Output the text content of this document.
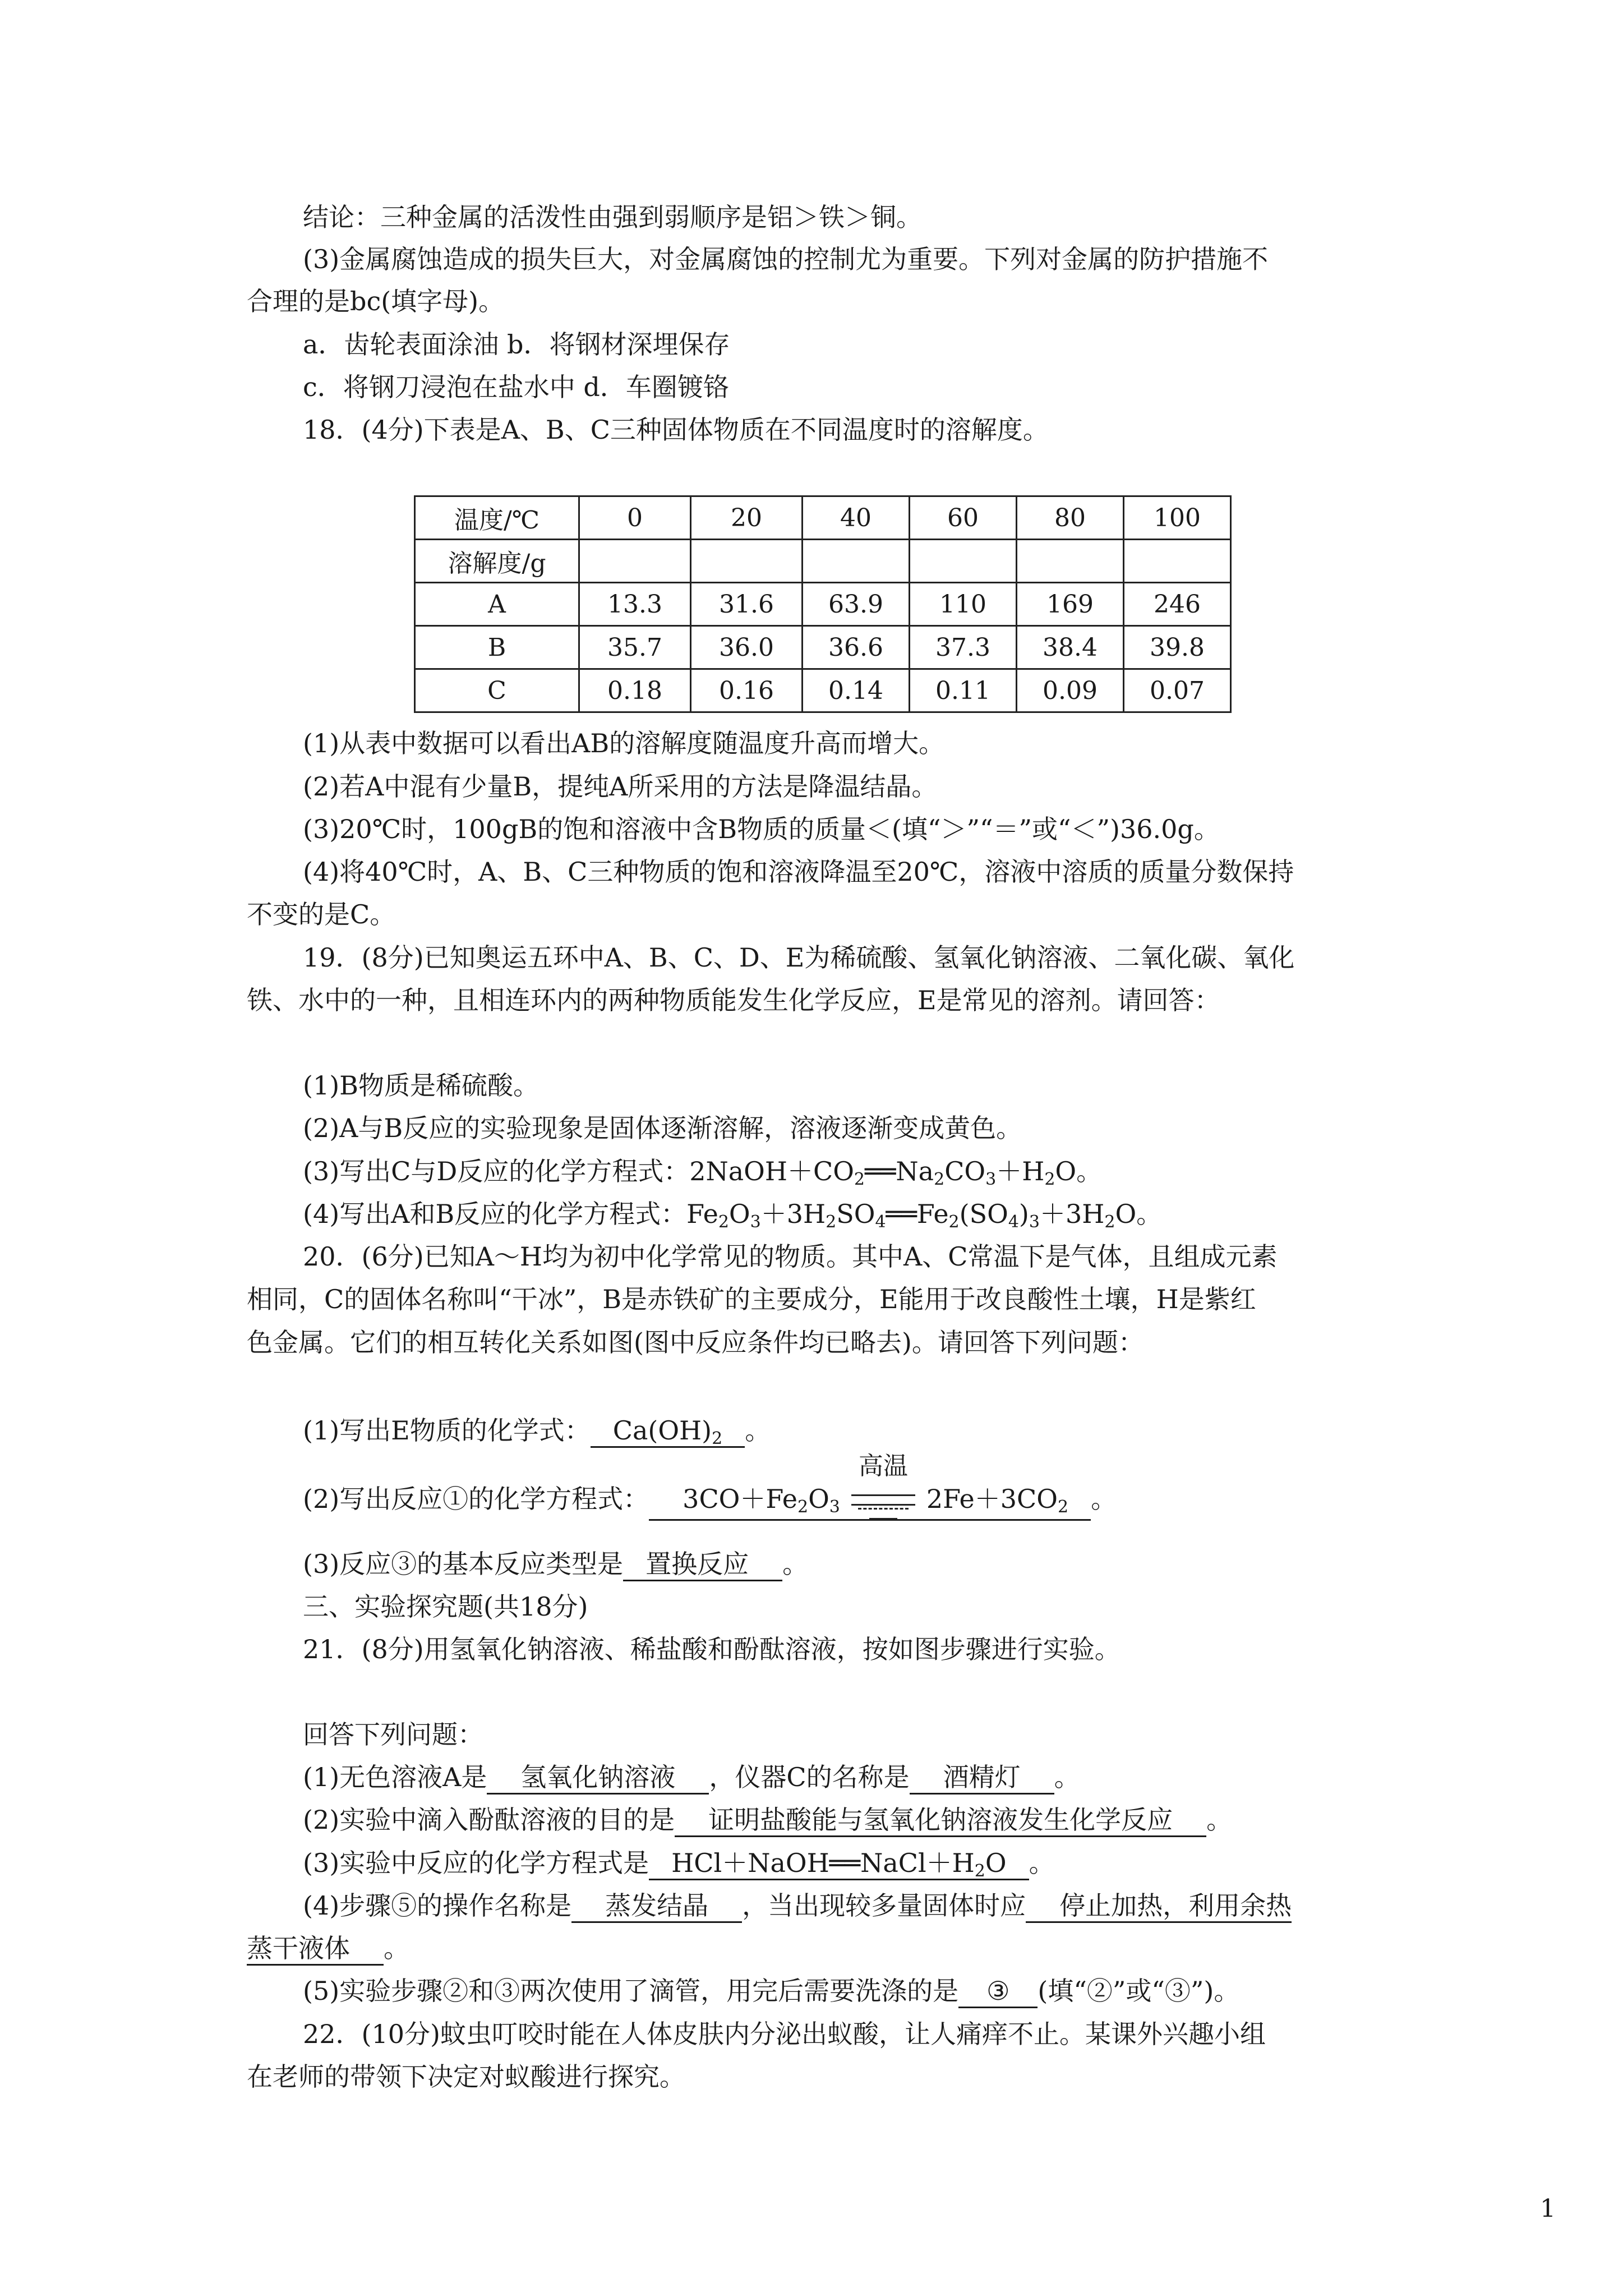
结论：三种金属的活泼性由强到弱顺序是铝＞铁＞铜。
(3)金属腐蚀造成的损失巨大，对金属腐蚀的控制尤为重要。下列对金属的防护措施不
合理的是bc(填字母)。
a．齿轮表面涂油 b．将钢材深埋保存
c．将钢刀浸泡在盐水中 d．车圈镀铬
18．(4分)下表是A、B、C三种固体物质在不同温度时的溶解度。
温度/℃	0	20	40	60	80	100
溶解度/g						
A	13.3	31.6	63.9	110	169	246
B	35.7	36.0	36.6	37.3	38.4	39.8
C	0.18	0.16	0.14	0.11	0.09	0.07
(1)从表中数据可以看出AB的溶解度随温度升高而增大。
(2)若A中混有少量B，提纯A所采用的方法是降温结晶。
(3)20℃时，100gB的饱和溶液中含B物质的质量＜(填“＞”“＝”或“＜”)36.0g。
(4)将40℃时，A、B、C三种物质的饱和溶液降温至20℃，溶液中溶质的质量分数保持
不变的是C。
19．(8分)已知奥运五环中A、B、C、D、E为稀硫酸、氢氧化钠溶液、二氧化碳、氧化
铁、水中的一种，且相连环内的两种物质能发生化学反应，E是常见的溶剂。请回答：
(1)B物质是稀硫酸。
(2)A与B反应的实验现象是固体逐渐溶解，溶液逐渐变成黄色。
(3)写出C与D反应的化学方程式：$2NaOH+CO_2══Na_2CO_3+H_2O$。
(4)写出A和B反应的化学方程式：$Fe_2O_3+3H_2SO_4══Fe_2(SO_4)_3+3H_2O$。
20．(6分)已知A～H均为初中化学常见的物质。其中A、C常温下是气体，且组成元素
相同，C的固体名称叫“干冰”，B是赤铁矿的主要成分，E能用于改良酸性土壤，H是紫红
色金属。它们的相互转化关系如图(图中反应条件均已略去)。请回答下列问题：
(1)写出E物质的化学式： $Ca(OH)_2$ 。
(2)写出反应①的化学方程式： $3CO+Fe_2O_3$
高温
$2Fe+3CO_2$ 。
(3)反应③的基本反应类型是 置换反应 。
三、实验探究题(共18分)
21．(8分)用氢氧化钠溶液、稀盐酸和酚酞溶液，按如图步骤进行实验。
回答下列问题：
(1)无色溶液A是 氢氧化钠溶液 ，仪器C的名称是 酒精灯 。
(2)实验中滴入酚酞溶液的目的是 证明盐酸能与氢氧化钠溶液发生化学反应 。
(3)实验中反应的化学方程式是 $HCl+NaOH══NaCl+H_2O$ 。
(4)步骤⑤的操作名称是 蒸发结晶 ，当出现较多量固体时应 停止加热，利用余热
蒸干液体 。
(5)实验步骤②和③两次使用了滴管，用完后需要洗涤的是 ③ (填“②”或“③”)。
22．(10分)蚊虫叮咬时能在人体皮肤内分泌出蚁酸，让人痛痒不止。某课外兴趣小组
在老师的带领下决定对蚁酸进行探究。
1
